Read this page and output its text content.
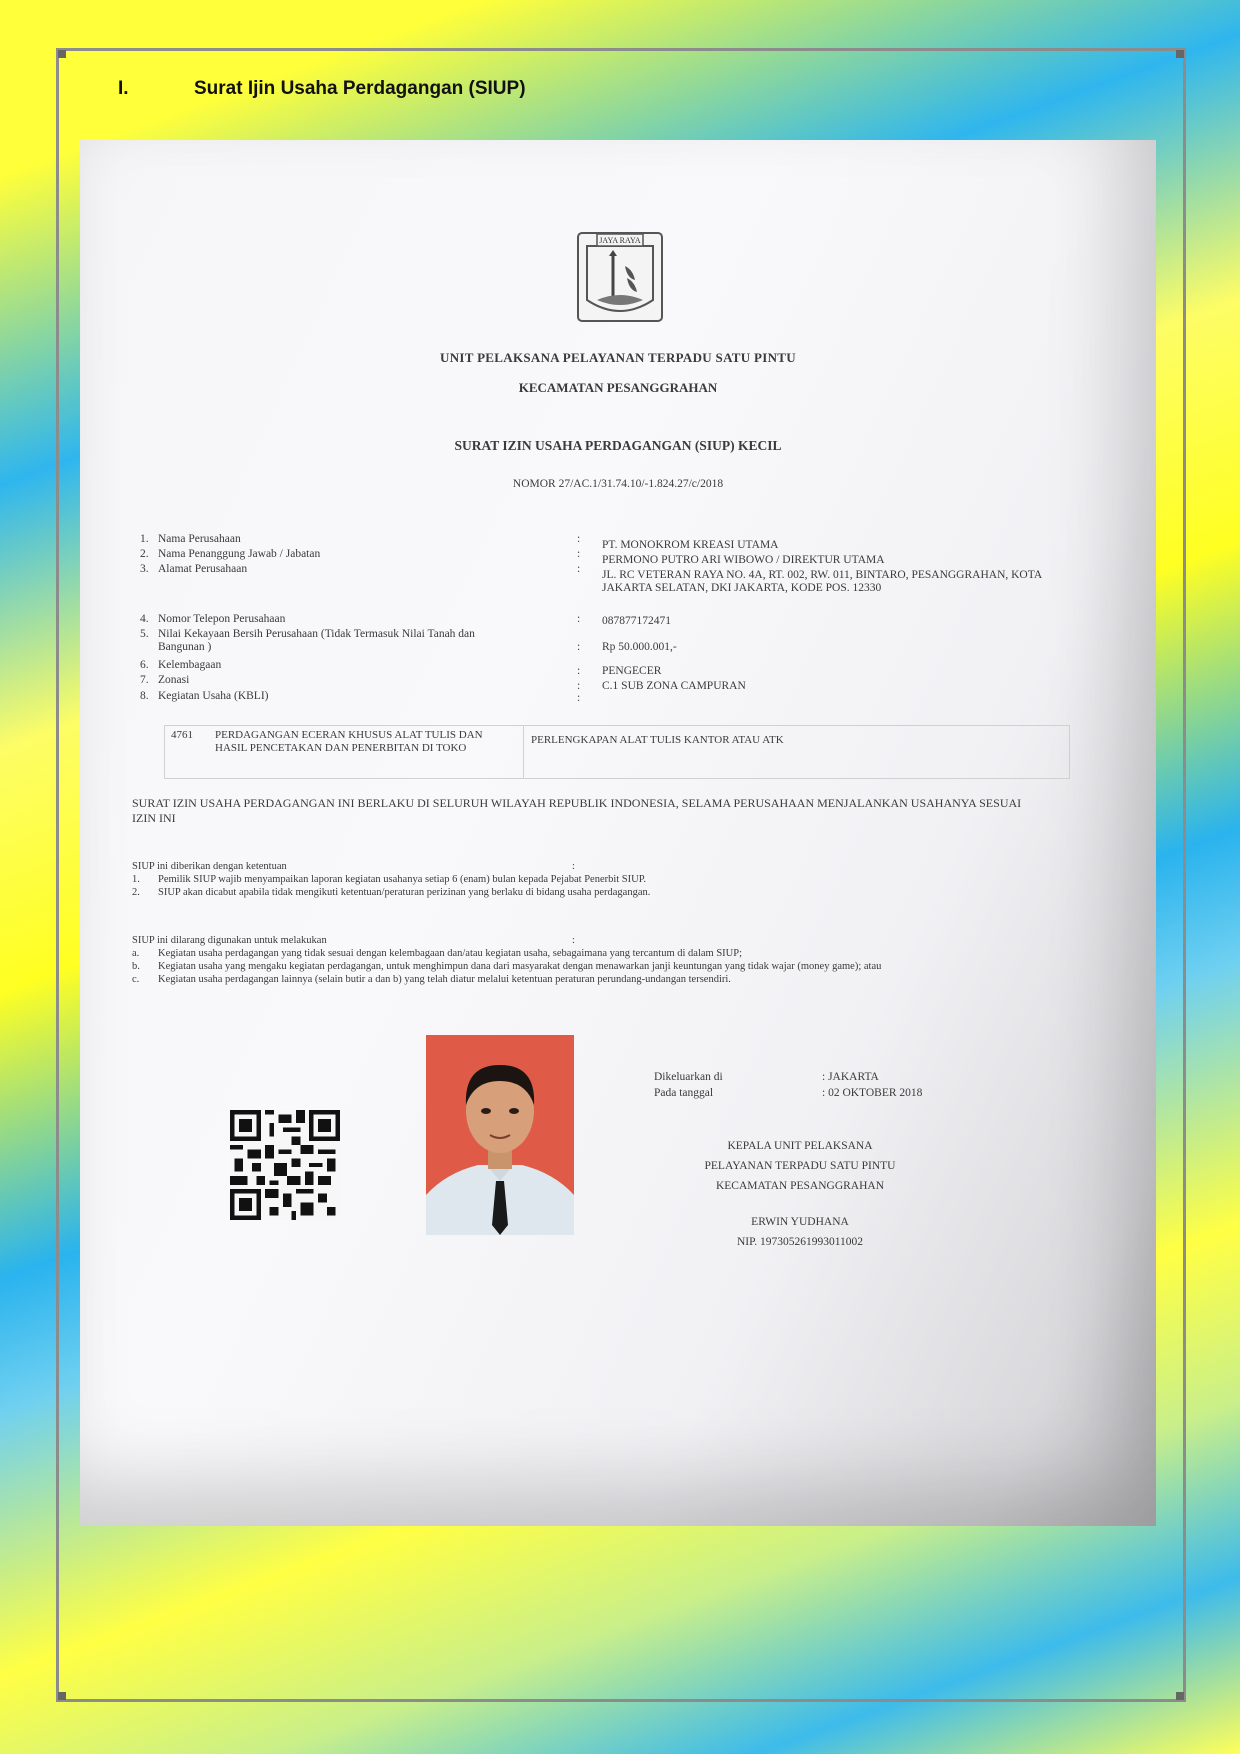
I.	Surat Ijin Usaha Perdagangan (SIUP)
JAYA RAYA
UNIT PELAKSANA PELAYANAN TERPADU SATU PINTU
KECAMATAN PESANGGRAHAN
SURAT IZIN USAHA PERDAGANGAN (SIUP) KECIL
NOMOR 27/AC.1/31.74.10/-1.824.27/c/2018
1. Nama Perusahaan	: PT. MONOKROM KREASI UTAMA
2. Nama Penanggung Jawab / Jabatan	: PERMONO PUTRO ARI WIBOWO / DIREKTUR UTAMA
3. Alamat Perusahaan	: JL. RC VETERAN RAYA NO. 4A, RT. 002, RW. 011, BINTARO, PESANGGRAHAN, KOTA JAKARTA SELATAN, DKI JAKARTA, KODE POS. 12330
4. Nomor Telepon Perusahaan	: 087877172471
5. Nilai Kekayaan Bersih Perusahaan (Tidak Termasuk Nilai Tanah dan Bangunan )	: Rp 50.000.001,-
6. Kelembagaan	: PENGECER
7. Zonasi	: C.1 SUB ZONA CAMPURAN
8. Kegiatan Usaha (KBLI)	:
4761 PERDAGANGAN ECERAN KHUSUS ALAT TULIS DAN HASIL PENCETAKAN DAN PENERBITAN DI TOKO
PERLENGKAPAN ALAT TULIS KANTOR ATAU ATK
SURAT IZIN USAHA PERDAGANGAN INI BERLAKU DI SELURUH WILAYAH REPUBLIK INDONESIA, SELAMA PERUSAHAAN MENJALANKAN USAHANYA SESUAI IZIN INI
SIUP ini diberikan dengan ketentuan	:
1. Pemilik SIUP wajib menyampaikan laporan kegiatan usahanya setiap 6 (enam) bulan kepada Pejabat Penerbit SIUP.
2. SIUP akan dicabut apabila tidak mengikuti ketentuan/peraturan perizinan yang berlaku di bidang usaha perdagangan.
SIUP ini dilarang digunakan untuk melakukan	:
a. Kegiatan usaha perdagangan yang tidak sesuai dengan kelembagaan dan/atau kegiatan usaha, sebagaimana yang tercantum di dalam SIUP;
b. Kegiatan usaha yang mengaku kegiatan perdagangan, untuk menghimpun dana dari masyarakat dengan menawarkan janji keuntungan yang tidak wajar (money game); atau
c. Kegiatan usaha perdagangan lainnya (selain butir a dan b) yang telah diatur melalui ketentuan peraturan perundang-undangan tersendiri.
Dikeluarkan di	: JAKARTA
Pada tanggal	: 02 OKTOBER 2018
KEPALA UNIT PELAKSANA
PELAYANAN TERPADU SATU PINTU
KECAMATAN PESANGGRAHAN
ERWIN YUDHANA
NIP. 197305261993011002
